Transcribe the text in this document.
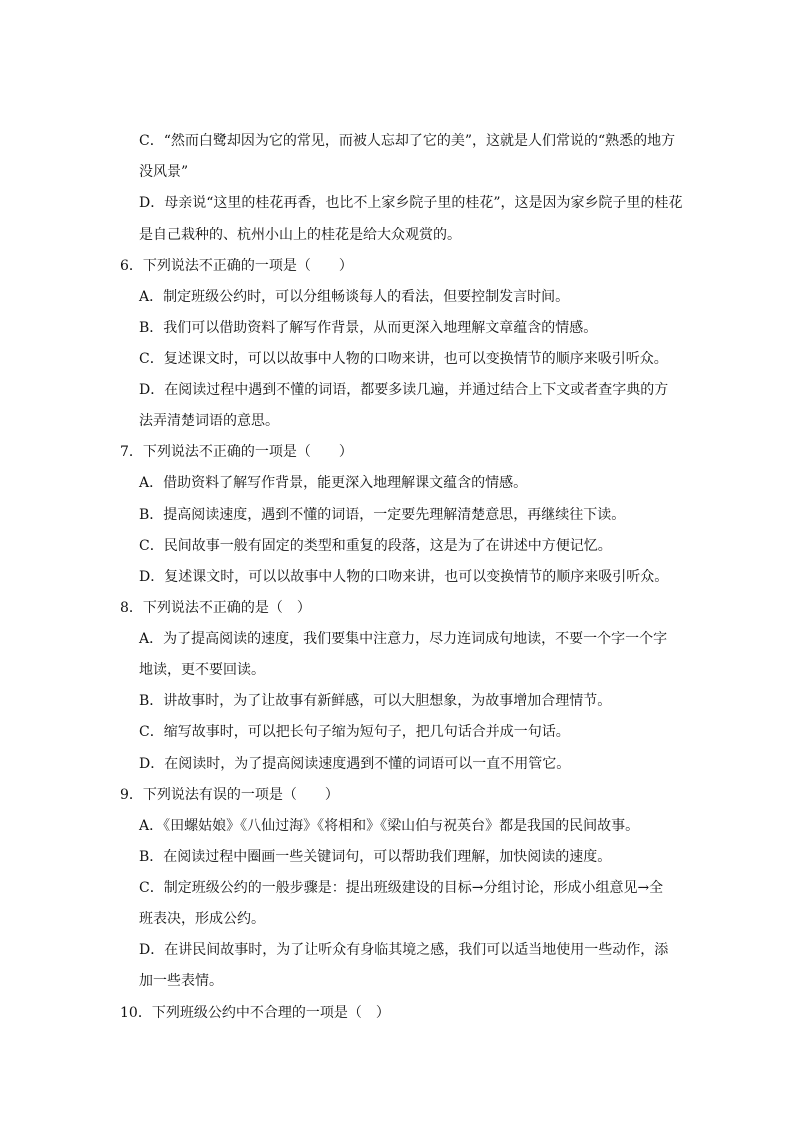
C．“然而白鹭却因为它的常见，而被人忘却了它的美”，这就是人们常说的“熟悉的地方
没风景”
D．母亲说“这里的桂花再香，也比不上家乡院子里的桂花”，这是因为家乡院子里的桂花
是自己栽种的、杭州小山上的桂花是给大众观赏的。
6．下列说法不正确的一项是（　　）
A．制定班级公约时，可以分组畅谈每人的看法，但要控制发言时间。
B．我们可以借助资料了解写作背景，从而更深入地理解文章蕴含的情感。
C．复述课文时，可以以故事中人物的口吻来讲，也可以变换情节的顺序来吸引听众。
D．在阅读过程中遇到不懂的词语，都要多读几遍，并通过结合上下文或者查字典的方
法弄清楚词语的意思。
7．下列说法不正确的一项是（　　）
A．借助资料了解写作背景，能更深入地理解课文蕴含的情感。
B．提高阅读速度，遇到不懂的词语，一定要先理解清楚意思，再继续往下读。
C．民间故事一般有固定的类型和重复的段落，这是为了在讲述中方便记忆。
D．复述课文时，可以以故事中人物的口吻来讲，也可以变换情节的顺序来吸引听众。
8．下列说法不正确的是（　）
A．为了提高阅读的速度，我们要集中注意力，尽力连词成句地读，不要一个字一个字
地读，更不要回读。
B．讲故事时，为了让故事有新鲜感，可以大胆想象，为故事增加合理情节。
C．缩写故事时，可以把长句子缩为短句子，把几句话合并成一句话。
D．在阅读时，为了提高阅读速度遇到不懂的词语可以一直不用管它。
9．下列说法有误的一项是（　　）
A．《田螺姑娘》《八仙过海》《将相和》《梁山伯与祝英台》都是我国的民间故事。
B．在阅读过程中圈画一些关键词句，可以帮助我们理解，加快阅读的速度。
C．制定班级公约的一般步骤是：提出班级建设的目标→分组讨论，形成小组意见→全
班表决，形成公约。
D．在讲民间故事时，为了让听众有身临其境之感，我们可以适当地使用一些动作，添
加一些表情。
10．下列班级公约中不合理的一项是（　）
